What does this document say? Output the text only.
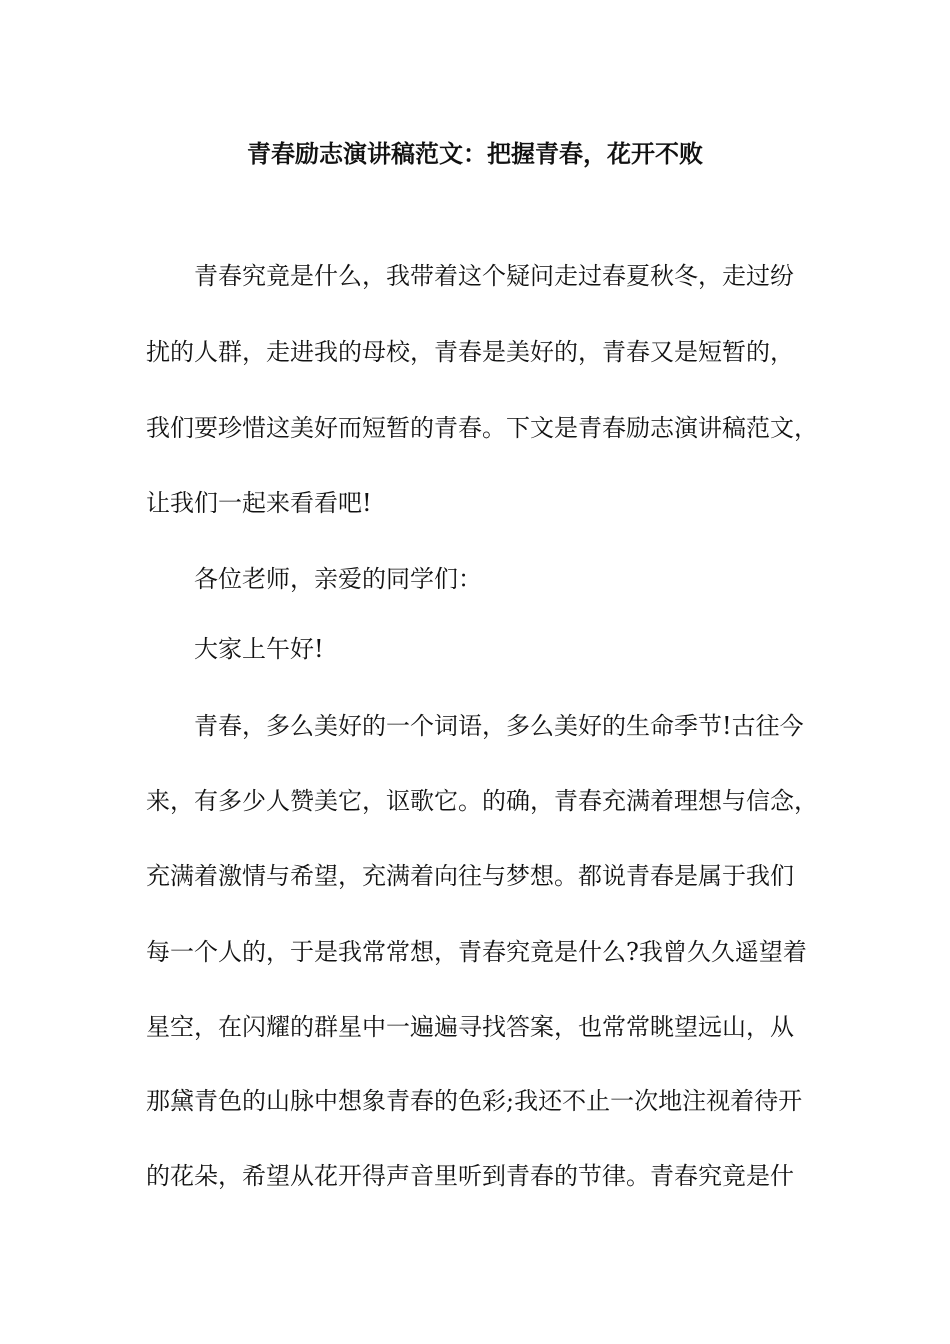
青春励志演讲稿范文：把握青春，花开不败
青春究竟是什么，我带着这个疑问走过春夏秋冬，走过纷
扰的人群，走进我的母校，青春是美好的，青春又是短暂的，
我们要珍惜这美好而短暂的青春。下文是青春励志演讲稿范文，
让我们一起来看看吧!
各位老师，亲爱的同学们：
大家上午好!
青春，多么美好的一个词语，多么美好的生命季节!古往今
来，有多少人赞美它，讴歌它。的确，青春充满着理想与信念，
充满着激情与希望，充满着向往与梦想。都说青春是属于我们
每一个人的，于是我常常想，青春究竟是什么?我曾久久遥望着
星空，在闪耀的群星中一遍遍寻找答案，也常常眺望远山，从
那黛青色的山脉中想象青春的色彩;我还不止一次地注视着待开
的花朵，希望从花开得声音里听到青春的节律。青春究竟是什
